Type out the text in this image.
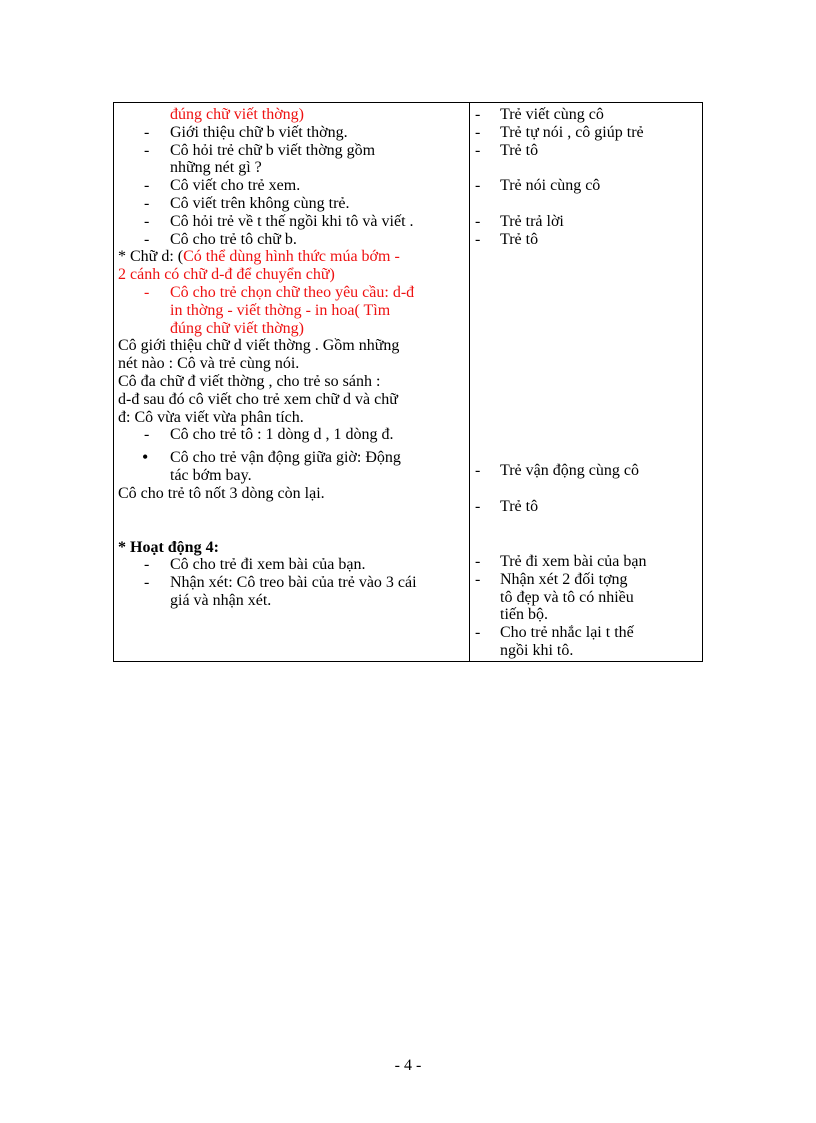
đúng chữ viết thờng)
- Giới thiệu chữ b viết thờng.
- Cô hỏi trẻ chữ b viết thờng gồm
những nét gì ?
- Cô viết cho trẻ xem.
- Cô viết trên không cùng trẻ.
- Cô hỏi trẻ về t thế ngồi khi tô và viết .
- Cô cho trẻ tô chữ b.
* Chữ d: (Có thể dùng hình thức múa bớm -
2 cánh có chữ d-đ để chuyển chữ)
- Cô cho trẻ chọn chữ theo yêu cầu: d-đ
in thờng - viết thờng - in hoa( Tìm
đúng chữ viết thờng)
Cô giới thiệu chữ d viết thờng . Gồm những
nét nào : Cô và trẻ cùng nói.
Cô đa chữ đ viết thờng , cho trẻ so sánh :
d-đ sau đó cô viết cho trẻ xem chữ d và chữ
đ: Cô vừa viết vừa phân tích.
- Cô cho trẻ tô : 1 dòng d , 1 dòng đ.
• Cô cho trẻ vận động giữa giờ: Động
tác bớm bay.
Cô cho trẻ tô nốt 3 dòng còn lại.
* Hoạt động 4:
- Cô cho trẻ đi xem bài của bạn.
- Nhận xét: Cô treo bài của trẻ vào 3 cái
giá và nhận xét.
- Trẻ viết cùng cô
- Trẻ tự nói , cô giúp trẻ
- Trẻ tô

- Trẻ nói cùng cô

- Trẻ trả lời
- Trẻ tô
- Trẻ vận động cùng cô
- Trẻ tô
- Trẻ đi xem bài của bạn
- Nhận xét 2 đối tợng
tô đẹp và tô có nhiều
tiến bộ.
- Cho trẻ nhắc lại t thế
ngồi khi tô.
- 4 -
